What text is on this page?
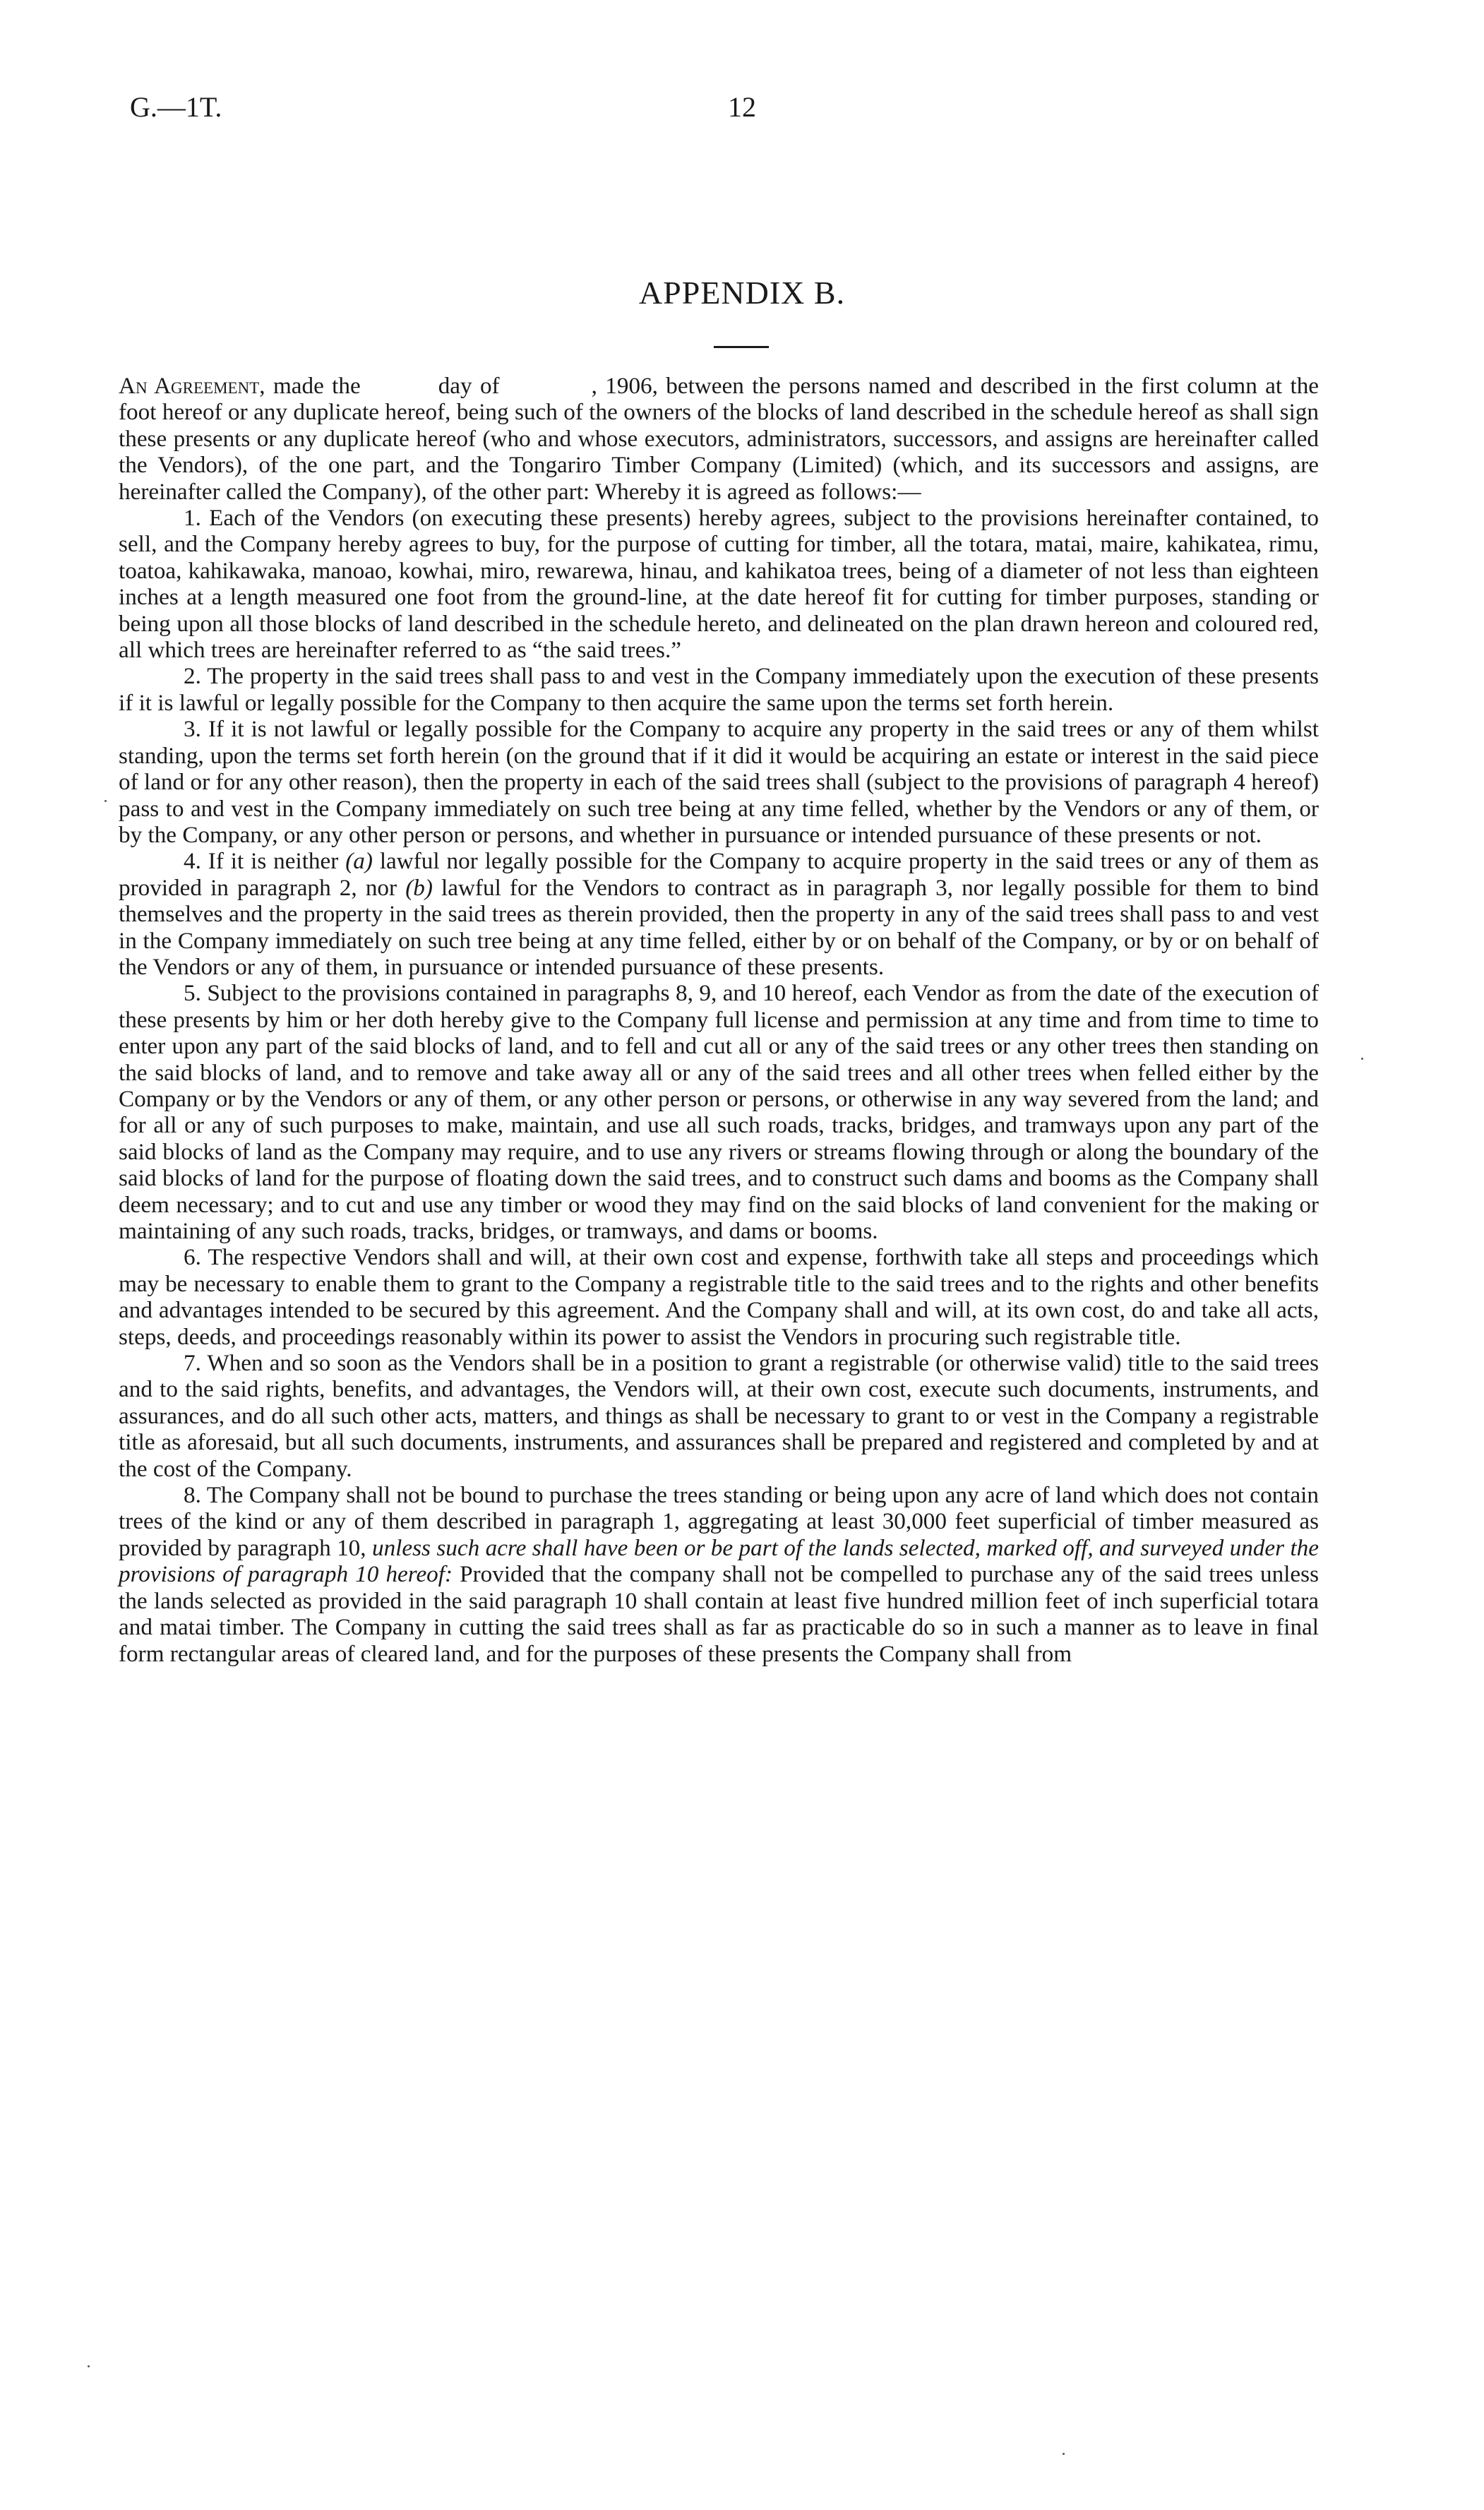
G.—1T.	12
APPENDIX B.

An Agreement, made the	day of	, 1906, between the persons named and described in the first column at the foot hereof or any duplicate hereof, being such of the owners of the blocks of land described in the schedule hereof as shall sign these presents or any duplicate hereof (who and whose executors, administrators, successors, and assigns are hereinafter called the Vendors), of the one part, and the Tongariro Timber Company (Limited) (which, and its successors and assigns, are hereinafter called the Company), of the other part: Whereby it is agreed as follows:—

1. Each of the Vendors (on executing these presents) hereby agrees, subject to the provisions hereinafter contained, to sell, and the Company hereby agrees to buy, for the purpose of cutting for timber, all the totara, matai, maire, kahikatea, rimu, toatoa, kahikawaka, manoao, kowhai, miro, rewarewa, hinau, and kahikatoa trees, being of a diameter of not less than eighteen inches at a length measured one foot from the ground-line, at the date hereof fit for cutting for timber purposes, standing or being upon all those blocks of land described in the schedule hereto, and delineated on the plan drawn hereon and coloured red, all which trees are hereinafter referred to as “the said trees.”

2. The property in the said trees shall pass to and vest in the Company immediately upon the execution of these presents if it is lawful or legally possible for the Company to then acquire the same upon the terms set forth herein.

3. If it is not lawful or legally possible for the Company to acquire any property in the said trees or any of them whilst standing, upon the terms set forth herein (on the ground that if it did it would be acquiring an estate or interest in the said piece of land or for any other reason), then the property in each of the said trees shall (subject to the provisions of paragraph 4 hereof) pass to and vest in the Company immediately on such tree being at any time felled, whether by the Vendors or any of them, or by the Company, or any other person or persons, and whether in pursuance or intended pursuance of these presents or not.

4. If it is neither (a) lawful nor legally possible for the Company to acquire property in the said trees or any of them as provided in paragraph 2, nor (b) lawful for the Vendors to contract as in paragraph 3, nor legally possible for them to bind themselves and the property in the said trees as therein provided, then the property in any of the said trees shall pass to and vest in the Company immediately on such tree being at any time felled, either by or on behalf of the Company, or by or on behalf of the Vendors or any of them, in pursuance or intended pursuance of these presents.

5. Subject to the provisions contained in paragraphs 8, 9, and 10 hereof, each Vendor as from the date of the execution of these presents by him or her doth hereby give to the Company full license and permission at any time and from time to time to enter upon any part of the said blocks of land, and to fell and cut all or any of the said trees or any other trees then standing on the said blocks of land, and to remove and take away all or any of the said trees and all other trees when felled either by the Company or by the Vendors or any of them, or any other person or persons, or otherwise in any way severed from the land; and for all or any of such purposes to make, maintain, and use all such roads, tracks, bridges, and tramways upon any part of the said blocks of land as the Company may require, and to use any rivers or streams flowing through or along the boundary of the said blocks of land for the purpose of floating down the said trees, and to construct such dams and booms as the Company shall deem necessary; and to cut and use any timber or wood they may find on the said blocks of land convenient for the making or maintaining of any such roads, tracks, bridges, or tramways, and dams or booms.

6. The respective Vendors shall and will, at their own cost and expense, forthwith take all steps and proceedings which may be necessary to enable them to grant to the Company a registrable title to the said trees and to the rights and other benefits and advantages intended to be secured by this agreement. And the Company shall and will, at its own cost, do and take all acts, steps, deeds, and proceedings reasonably within its power to assist the Vendors in procuring such registrable title.

7. When and so soon as the Vendors shall be in a position to grant a registrable (or otherwise valid) title to the said trees and to the said rights, benefits, and advantages, the Vendors will, at their own cost, execute such documents, instruments, and assurances, and do all such other acts, matters, and things as shall be necessary to grant to or vest in the Company a registrable title as aforesaid, but all such documents, instruments, and assurances shall be prepared and registered and completed by and at the cost of the Company.

8. The Company shall not be bound to purchase the trees standing or being upon any acre of land which does not contain trees of the kind or any of them described in paragraph 1, aggregating at least 30,000 feet superficial of timber measured as provided by paragraph 10, unless such acre shall have been or be part of the lands selected, marked off, and surveyed under the provisions of paragraph 10 hereof: Provided that the company shall not be compelled to purchase any of the said trees unless the lands selected as provided in the said paragraph 10 shall contain at least five hundred million feet of inch superficial totara and matai timber. The Company in cutting the said trees shall as far as practicable do so in such a manner as to leave in final form rectangular areas of cleared land, and for the purposes of these presents the Company shall from
